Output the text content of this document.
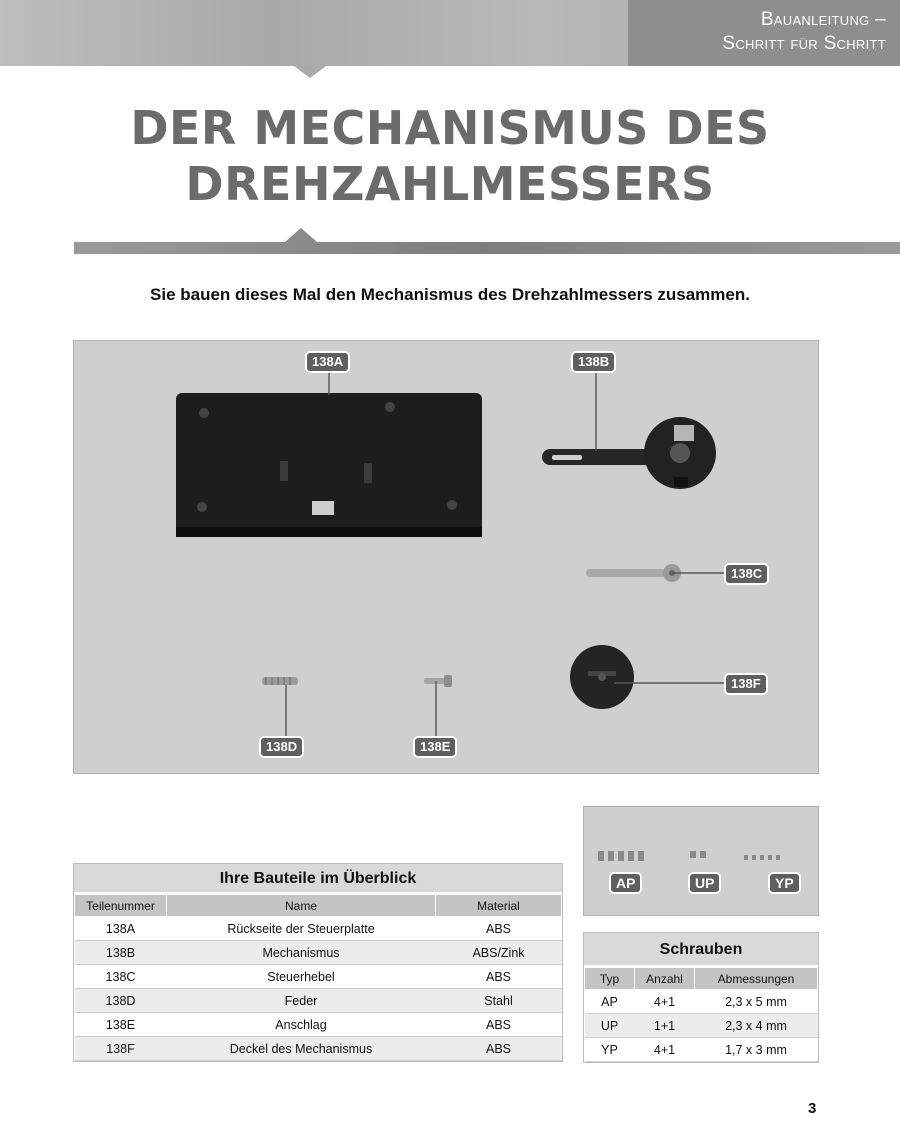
Bauanleitung –
Schritt für Schritt
DER MECHANISMUS DES
DREHZAHLMESSERS
Sie bauen dieses Mal den Mechanismus des Drehzahlmessers zusammen.
138A	138B
138C
138D	138E
138F
AP	UP	YP
Ihre Bauteile im Überblick
Teilenummer	Name	Material
138A	Rückseite der Steuerplatte	ABS
138B	Mechanismus	ABS/Zink
138C	Steuerhebel	ABS
138D	Feder	Stahl
138E	Anschlag	ABS
138F	Deckel des Mechanismus	ABS
Schrauben
Typ	Anzahl	Abmessungen
AP	4+1	2,3 x 5 mm
UP	1+1	2,3 x 4 mm
YP	4+1	1,7 x 3 mm
3
